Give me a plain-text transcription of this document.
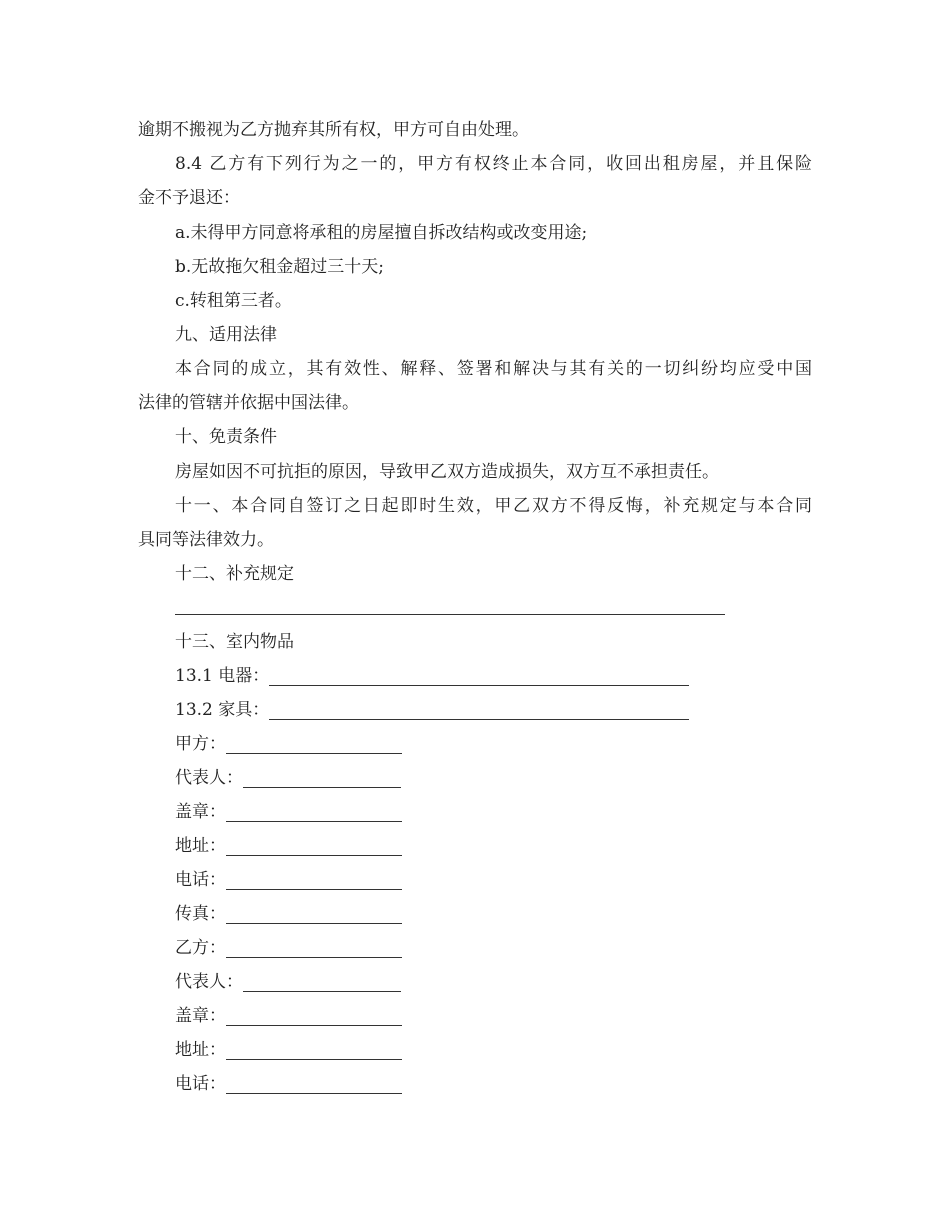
逾期不搬视为乙方抛弃其所有权，甲方可自由处理。
8.4 乙方有下列行为之一的，甲方有权终止本合同，收回出租房屋，并且保险
金不予退还：
a.未得甲方同意将承租的房屋擅自拆改结构或改变用途;
b.无故拖欠租金超过三十天;
c.转租第三者。
九、适用法律
本合同的成立，其有效性、解释、签署和解决与其有关的一切纠纷均应受中国
法律的管辖并依据中国法律。
十、免责条件
房屋如因不可抗拒的原因，导致甲乙双方造成损失，双方互不承担责任。
十一、本合同自签订之日起即时生效，甲乙双方不得反悔，补充规定与本合同
具同等法律效力。
十二、补充规定
十三、室内物品
13.1 电器：
13.2 家具：
甲方：
代表人：
盖章：
地址：
电话：
传真：
乙方：
代表人：
盖章：
地址：
电话：
